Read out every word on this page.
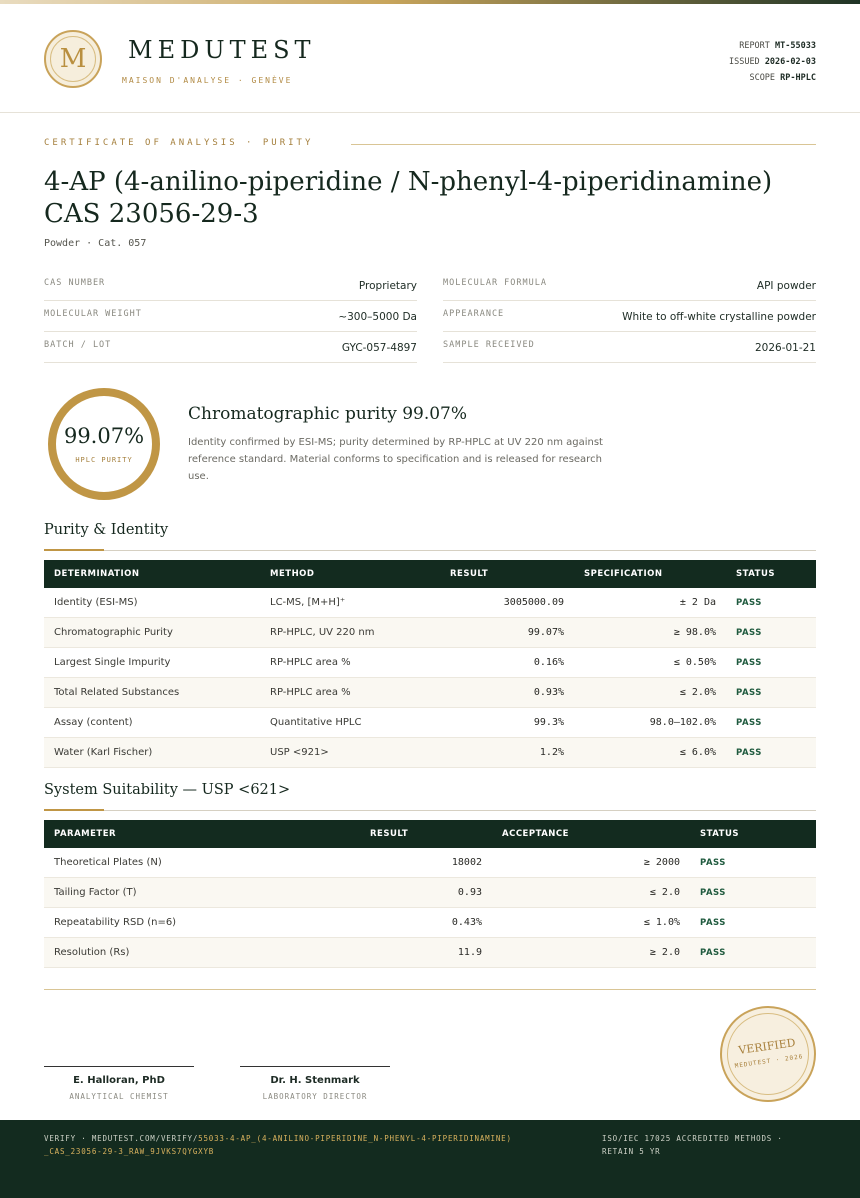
M	MEDUTEST
MAISON D'ANALYSE · GENÈVE
REPORT MT-55033
ISSUED 2026-02-03
SCOPE RP-HPLC
CERTIFICATE OF ANALYSIS · PURITY
4-AP (4-anilino-piperidine / N-phenyl-4-piperidinamine) CAS 23056-29-3
Powder · Cat. 057
CAS NUMBER	Proprietary	MOLECULAR FORMULA	API powder
MOLECULAR WEIGHT	~300–5000 Da	APPEARANCE	White to off-white crystalline powder
BATCH / LOT	GYC-057-4897	SAMPLE RECEIVED	2026-01-21
99.07%
HPLC PURITY
Chromatographic purity 99.07%
Identity confirmed by ESI-MS; purity determined by RP-HPLC at UV 220 nm against reference standard. Material conforms to specification and is released for research use.
Purity & Identity
DETERMINATION	METHOD	RESULT	SPECIFICATION	STATUS
Identity (ESI-MS)	LC-MS, [M+H]⁺	3005000.09	± 2 Da	PASS
Chromatographic Purity	RP-HPLC, UV 220 nm	99.07%	≥ 98.0%	PASS
Largest Single Impurity	RP-HPLC area %	0.16%	≤ 0.50%	PASS
Total Related Substances	RP-HPLC area %	0.93%	≤ 2.0%	PASS
Assay (content)	Quantitative HPLC	99.3%	98.0–102.0%	PASS
Water (Karl Fischer)	USP <921>	1.2%	≤ 6.0%	PASS
System Suitability — USP <621>
PARAMETER	RESULT	ACCEPTANCE	STATUS
Theoretical Plates (N)	18002	≥ 2000	PASS
Tailing Factor (T)	0.93	≤ 2.0	PASS
Repeatability RSD (n=6)	0.43%	≤ 1.0%	PASS
Resolution (Rs)	11.9	≥ 2.0	PASS
E. Halloran, PhD
ANALYTICAL CHEMIST
Dr. H. Stenmark
LABORATORY DIRECTOR
VERIFIED
MEDUTEST · 2026
VERIFY · MEDUTEST.COM/VERIFY/55033-4-AP_(4-ANILINO-PIPERIDINE_N-PHENYL-4-PIPERIDINAMINE)_CAS_23056-29-3_RAW_9JVKS7QYGXYB
ISO/IEC 17025 ACCREDITED METHODS · RETAIN 5 YR
